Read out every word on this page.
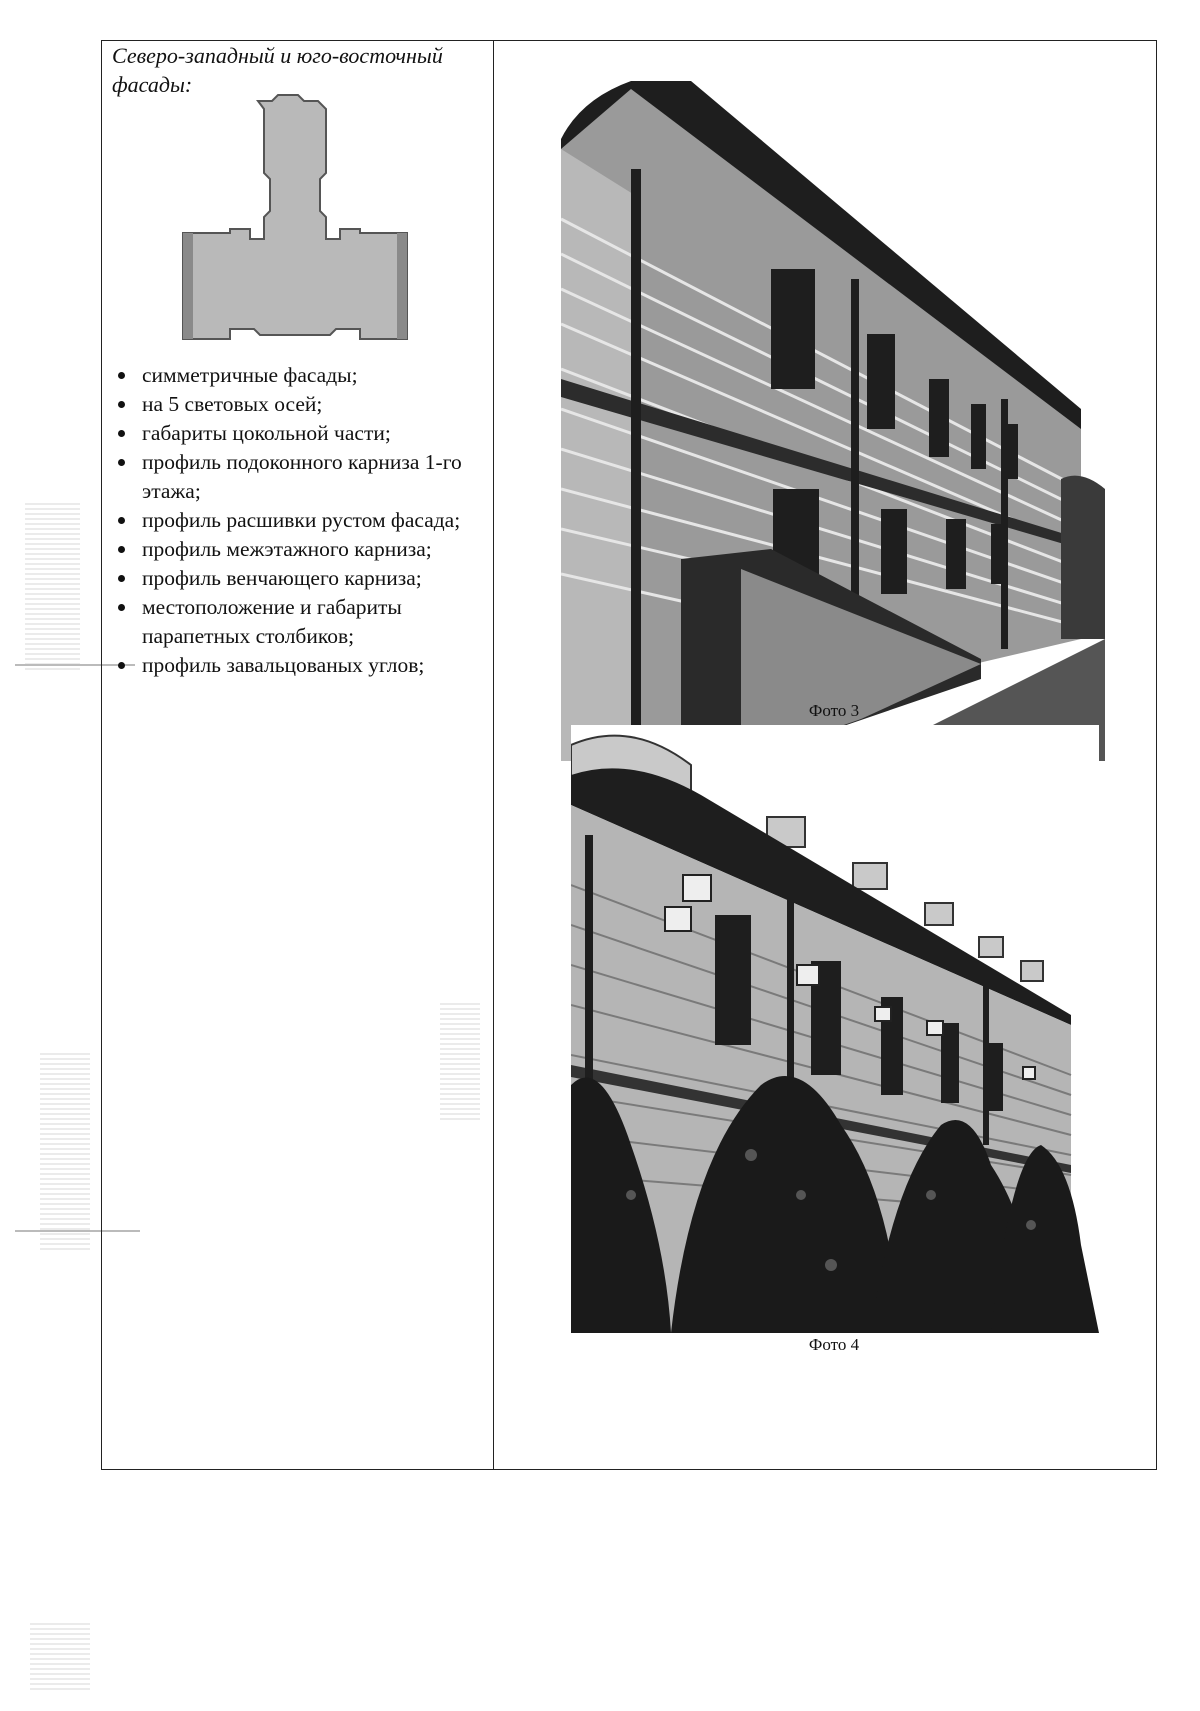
Северо-западный и юго-восточный фасады:

симметричные фасады;
на 5 световых осей;
габариты цокольной части;
профиль подоконного карниза 1-го этажа;
профиль расшивки рустом фасада;
профиль межэтажного карниза;
профиль венчающего карниза;
местоположение и габариты парапетных столбиков;
профиль завальцованых углов;
Фото 3
Фото 4
